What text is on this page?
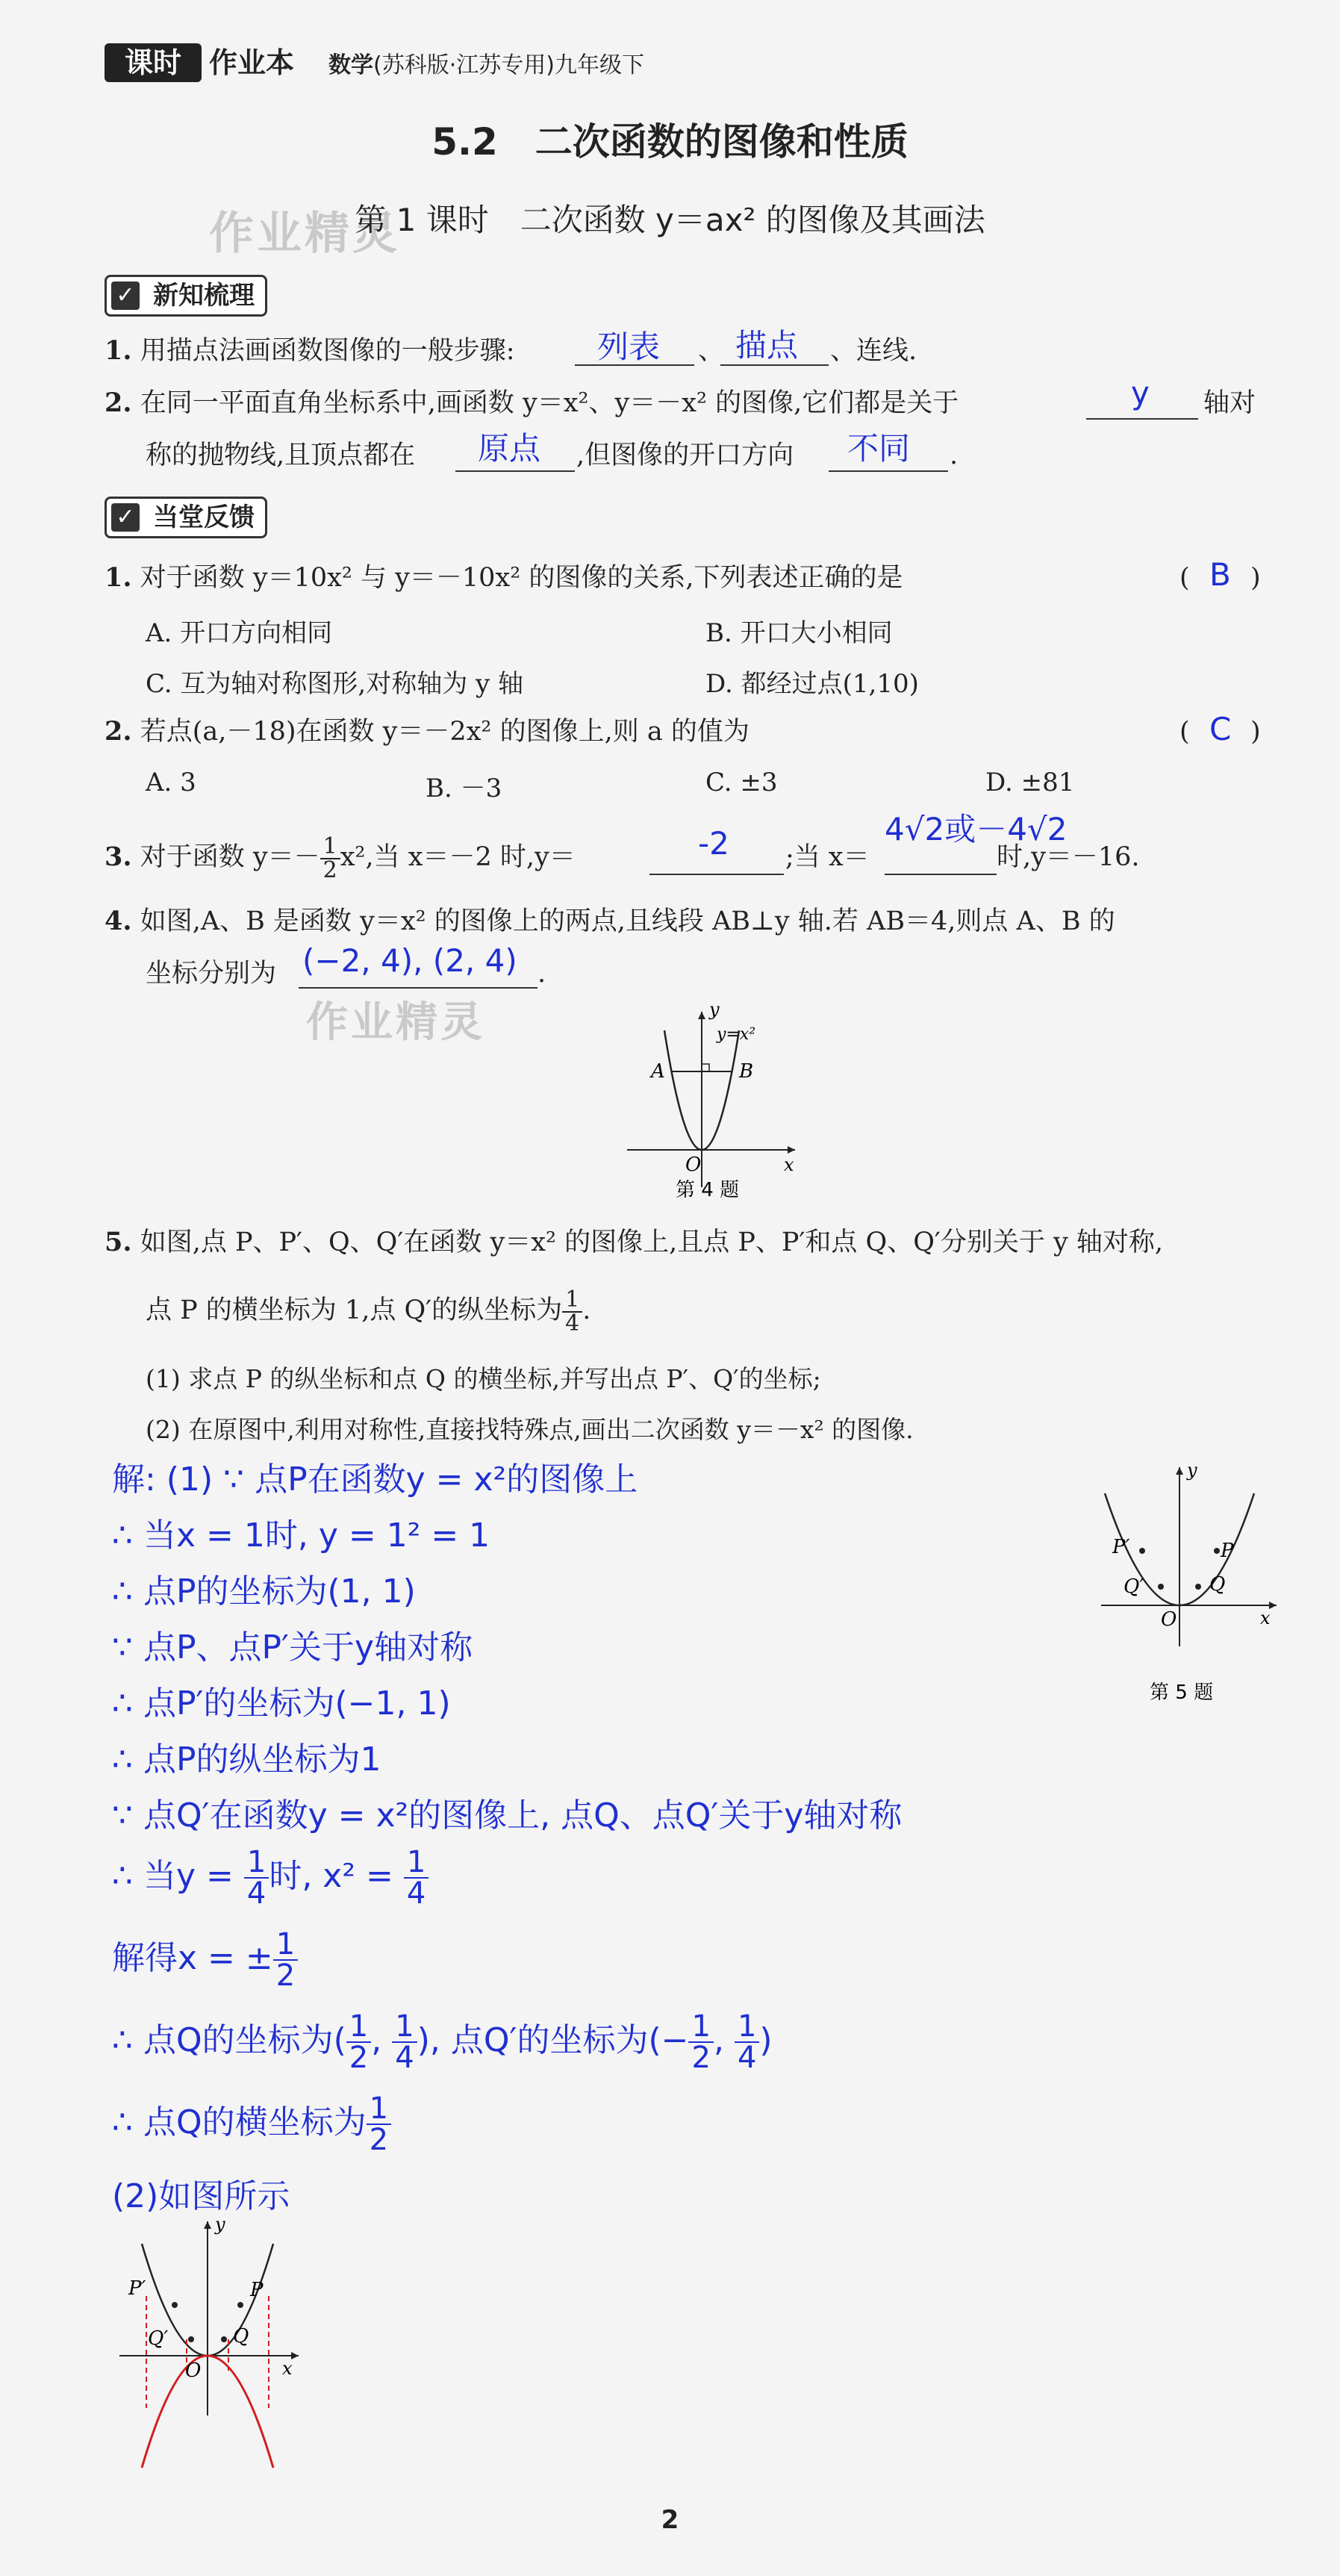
课时 作业本 数学(苏科版·江苏专用)九年级下
5.2　二次函数的图像和性质
作业精灵
第 1 课时　二次函数 y＝ax² 的图像及其画法
✓ 新知梳理
1. 用描点法画函数图像的一般步骤:	列表 、 描点 、连线.
2. 在同一平面直角坐标系中,画函数 y＝x²、y＝－x² 的图像,它们都是关于	y 轴对
称的抛物线,且顶点都在 原点 ,但图像的开口方向 不同 .
✓ 当堂反馈
1. 对于函数 y＝10x² 与 y＝－10x² 的图像的关系,下列表述正确的是	( B )
A. 开口方向相同	B. 开口大小相同
C. 互为轴对称图形,对称轴为 y 轴	D. 都经过点(1,10)
2. 若点(a,－18)在函数 y＝－2x² 的图像上,则 a 的值为	( C )
A. 3	B. －3	C. ±3	D. ±81
3. 对于函数 $y=- \frac{1}{2} x^2$,当 x＝－2 时,y＝	-2 ;当 x＝
4√2或－4√2
时,y＝－16.
4. 如图,A、B 是函数 y＝x² 的图像上的两点,且线段 AB⊥y 轴.若 AB＝4,则点 A、B 的
坐标分别为 (−2, 4), (2, 4) .
作业精灵
A	B
y=x²
O	x
y
第 4 题
5. 如图,点 P、P′、Q、Q′在函数 y＝x² 的图像上,且点 P、P′和点 Q、Q′分别关于 y 轴对称,
点 P 的横坐标为 1,点 Q′的纵坐标为 $\frac{1}{4}$ .
(1) 求点 P 的纵坐标和点 Q 的横坐标,并写出点 P′、Q′的坐标;
(2) 在原图中,利用对称性,直接找特殊点,画出二次函数 y＝－x² 的图像.
P
P′
Q
Q′
O	x
y
第 5 题
解: (1) ∵ 点P在函数y = x²的图像上
∴ 当x = 1时, y = 1² = 1
∴ 点P的坐标为(1, 1)
∵ 点P、点P′关于y轴对称
∴ 点P′的坐标为(−1, 1)
∴ 点P的纵坐标为1
∵ 点Q′在函数y = x²的图像上, 点Q、点Q′关于y轴对称
∴ 当$y = \frac{1}{4}$ 时, $x^2 = \frac{1}{4}$
解得x = ± $\frac{1}{2}$
∴ 点Q的坐标为( $\frac{1}{2}$ , $\frac{1}{4}$ ), 点Q′的坐标为(− $\frac{1}{2}$ , $\frac{1}{4}$ )
∴ 点Q的横坐标为 $\frac{1}{2}$
(2)如图所示
P
P′
Q
Q′
O	x
y
2
